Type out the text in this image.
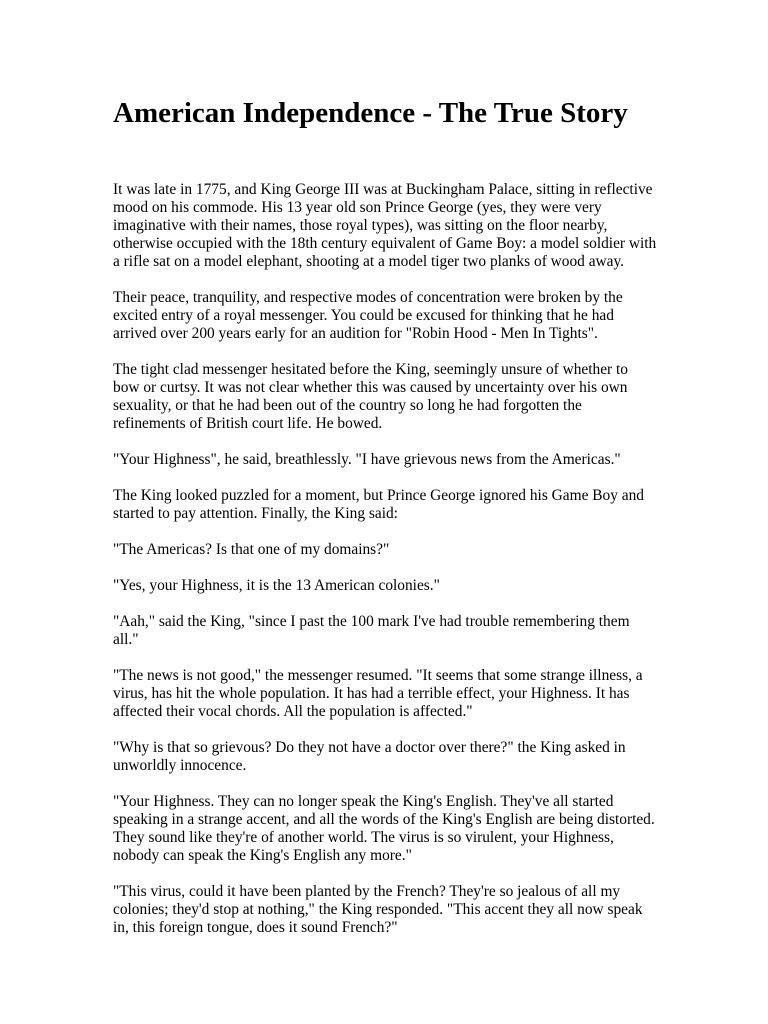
American Independence - The True Story

It was late in 1775, and King George III was at Buckingham Palace, sitting in reflective mood on his commode. His 13 year old son Prince George (yes, they were very imaginative with their names, those royal types), was sitting on the floor nearby, otherwise occupied with the 18th century equivalent of Game Boy: a model soldier with a rifle sat on a model elephant, shooting at a model tiger two planks of wood away.

Their peace, tranquility, and respective modes of concentration were broken by the excited entry of a royal messenger. You could be excused for thinking that he had arrived over 200 years early for an audition for "Robin Hood - Men In Tights".

The tight clad messenger hesitated before the King, seemingly unsure of whether to bow or curtsy. It was not clear whether this was caused by uncertainty over his own sexuality, or that he had been out of the country so long he had forgotten the refinements of British court life. He bowed.

"Your Highness", he said, breathlessly. "I have grievous news from the Americas."

The King looked puzzled for a moment, but Prince George ignored his Game Boy and started to pay attention. Finally, the King said:

"The Americas? Is that one of my domains?"

"Yes, your Highness, it is the 13 American colonies."

"Aah," said the King, "since I past the 100 mark I've had trouble remembering them all."

"The news is not good," the messenger resumed. "It seems that some strange illness, a virus, has hit the whole population. It has had a terrible effect, your Highness. It has affected their vocal chords. All the population is affected."

"Why is that so grievous? Do they not have a doctor over there?" the King asked in unworldly innocence.

"Your Highness. They can no longer speak the King's English. They've all started speaking in a strange accent, and all the words of the King's English are being distorted. They sound like they're of another world. The virus is so virulent, your Highness, nobody can speak the King's English any more."

"This virus, could it have been planted by the French? They're so jealous of all my colonies; they'd stop at nothing," the King responded. "This accent they all now speak in, this foreign tongue, does it sound French?"
